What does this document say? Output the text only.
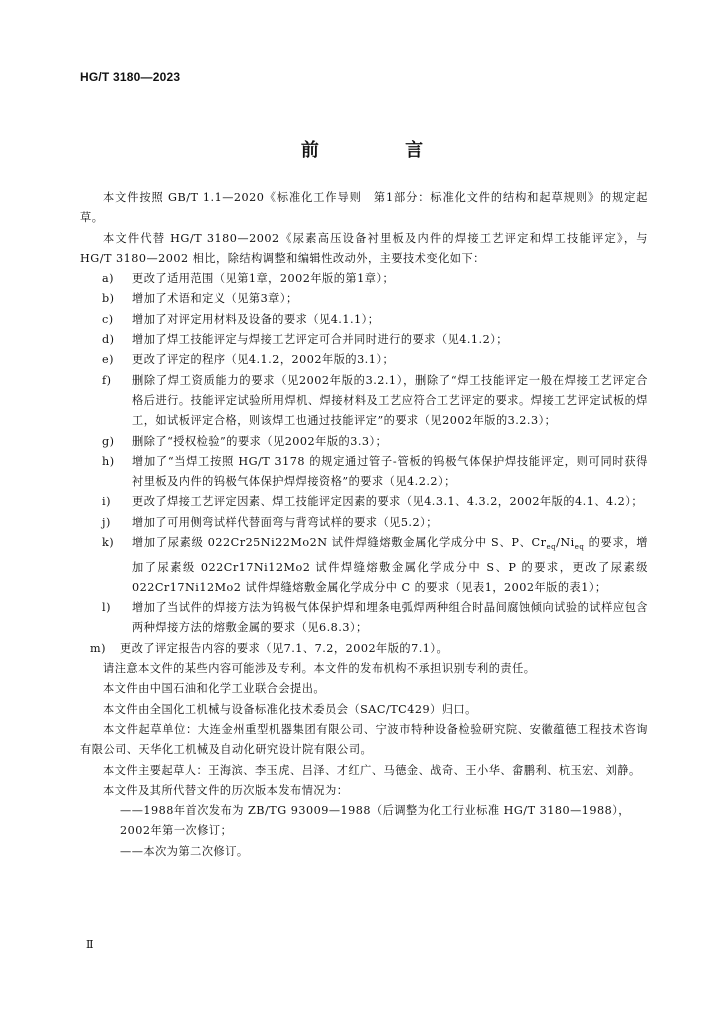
HG/T 3180—2023
前 言

本文件按照 GB/T 1.1—2020《标准化工作导则　第1部分：标准化文件的结构和起草规则》的规定起草。

本文件代替 HG/T 3180—2002《尿素高压设备衬里板及内件的焊接工艺评定和焊工技能评定》，与 HG/T 3180—2002 相比，除结构调整和编辑性改动外，主要技术变化如下：

a) 更改了适用范围（见第1章，2002年版的第1章）；
b) 增加了术语和定义（见第3章）；
c) 增加了对评定用材料及设备的要求（见4.1.1）；
d) 增加了焊工技能评定与焊接工艺评定可合并同时进行的要求（见4.1.2）；
e) 更改了评定的程序（见4.1.2，2002年版的3.1）；
f) 删除了焊工资质能力的要求（见2002年版的3.2.1），删除了“焊工技能评定一般在焊接工艺评定合格后进行。技能评定试验所用焊机、焊接材料及工艺应符合工艺评定的要求。焊接工艺评定试板的焊工，如试板评定合格，则该焊工也通过技能评定”的要求（见2002年版的3.2.3）；
g) 删除了“授权检验”的要求（见2002年版的3.3）；
h) 增加了“当焊工按照 HG/T 3178 的规定通过管子-管板的钨极气体保护焊技能评定，则可同时获得衬里板及内件的钨极气体保护焊焊接资格”的要求（见4.2.2）；
i) 更改了焊接工艺评定因素、焊工技能评定因素的要求（见4.3.1、4.3.2，2002年版的4.1、4.2）；
j) 增加了可用侧弯试样代替面弯与背弯试样的要求（见5.2）；
k) 增加了尿素级 022Cr25Ni22Mo2N 试件焊缝熔敷金属化学成分中 S、P、$Cr_{eq}/Ni_{eq}$ 的要求，增加了尿素级 022Cr17Ni12Mo2 试件焊缝熔敷金属化学成分中 S、P 的要求，更改了尿素级 022Cr17Ni12Mo2 试件焊缝熔敷金属化学成分中 C 的要求（见表1，2002年版的表1）；
l) 增加了当试件的焊接方法为钨极气体保护焊和埋条电弧焊两种组合时晶间腐蚀倾向试验的试样应包含两种焊接方法的熔敷金属的要求（见6.8.3）；
m) 更改了评定报告内容的要求（见7.1、7.2，2002年版的7.1）。

请注意本文件的某些内容可能涉及专利。本文件的发布机构不承担识别专利的责任。

本文件由中国石油和化学工业联合会提出。

本文件由全国化工机械与设备标准化技术委员会（SAC/TC429）归口。

本文件起草单位：大连金州重型机器集团有限公司、宁波市特种设备检验研究院、安徽蕴德工程技术咨询有限公司、天华化工机械及自动化研究设计院有限公司。

本文件主要起草人：王海滨、李玉虎、吕泽、才红广、马德金、战奇、王小华、畲鹏利、杭玉宏、刘静。

本文件及其所代替文件的历次版本发布情况为：

——1988年首次发布为 ZB/TG 93009—1988（后调整为化工行业标准 HG/T 3180—1988），2002年第一次修订；

——本次为第二次修订。

Ⅱ
